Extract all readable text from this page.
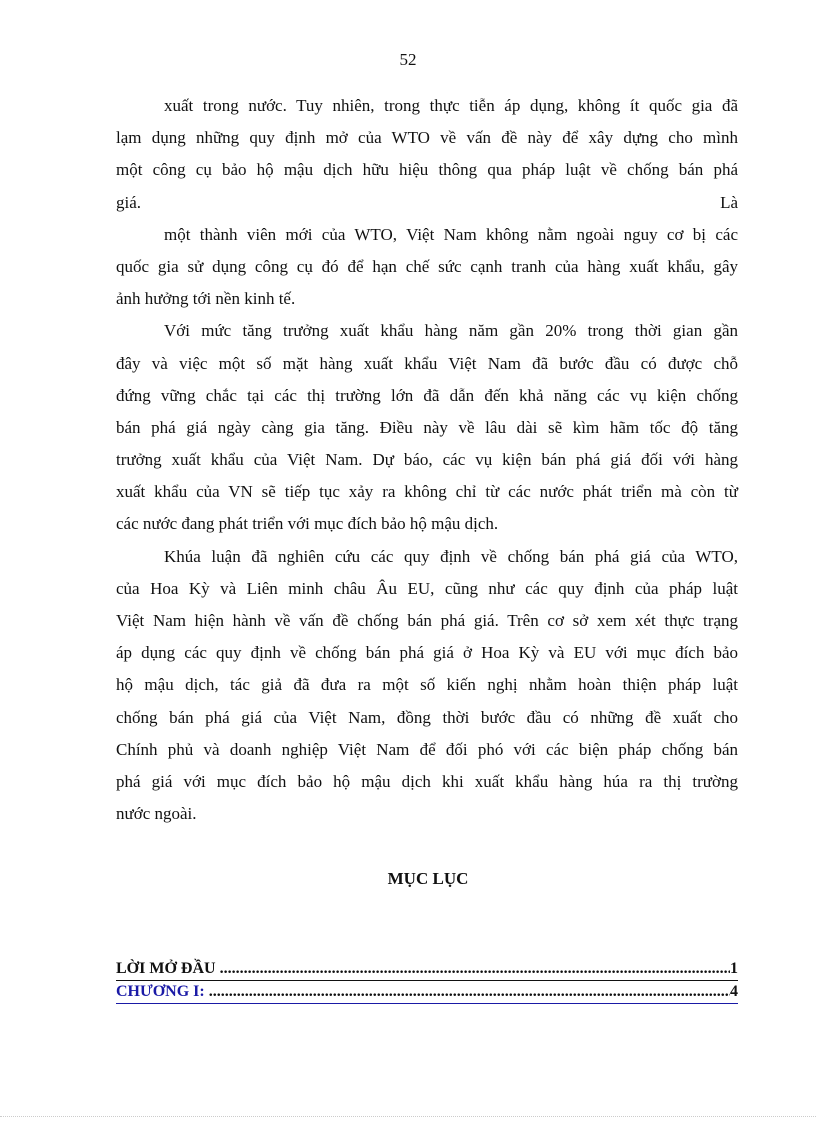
52
xuất trong nước. Tuy nhiên, trong thực tiễn áp dụng, không ít quốc gia đã
lạm dụng những quy định mở của WTO về vấn đề này để xây dựng cho mình
một công cụ bảo hộ mậu dịch hữu hiệu thông qua pháp luật về chống bán phá
giá.                                                                                                   Là
một thành viên mới của WTO, Việt Nam không nằm ngoài nguy cơ bị các
quốc gia sử dụng công cụ đó để hạn chế sức cạnh tranh của hàng xuất khẩu, gây
ảnh hưởng tới nền kinh tế.
Với mức tăng trưởng xuất khẩu hàng năm gần 20% trong thời gian gần
đây và việc một số mặt hàng xuất khẩu Việt Nam đã bước đầu có được chỗ
đứng vững chắc tại các thị trường lớn đã dẫn đến khả năng các vụ kiện chống
bán phá giá ngày càng gia tăng. Điều này về lâu dài sẽ kìm hãm tốc độ tăng
trưởng xuất khẩu của Việt Nam. Dự báo, các vụ kiện bán phá giá đối với hàng
xuất khẩu của VN sẽ tiếp tục xảy ra không chỉ từ các nước phát triển mà còn từ
các nước đang phát triển với mục đích bảo hộ mậu dịch.
Khúa luận đã nghiên cứu các quy định về chống bán phá giá của WTO,
của Hoa Kỳ và Liên minh châu Âu EU, cũng như các quy định của pháp luật
Việt Nam hiện hành về vấn đề chống bán phá giá. Trên cơ sở xem xét thực trạng
áp dụng các quy định về chống bán phá giá ở Hoa Kỳ và EU với mục đích bảo
hộ mậu dịch, tác giả đã đưa ra một số kiến nghị nhằm hoàn thiện pháp luật
chống bán phá giá của Việt Nam, đồng thời bước đầu có những đề xuất cho
Chính phủ và doanh nghiệp Việt Nam để đối phó với các biện pháp chống bán
phá giá với mục đích bảo hộ mậu dịch khi xuất khẩu hàng húa ra thị trường
nước ngoài.
MỤC LỤC
LỜI MỞ ĐẦU .....	1
CHƯƠNG I: .....	4
